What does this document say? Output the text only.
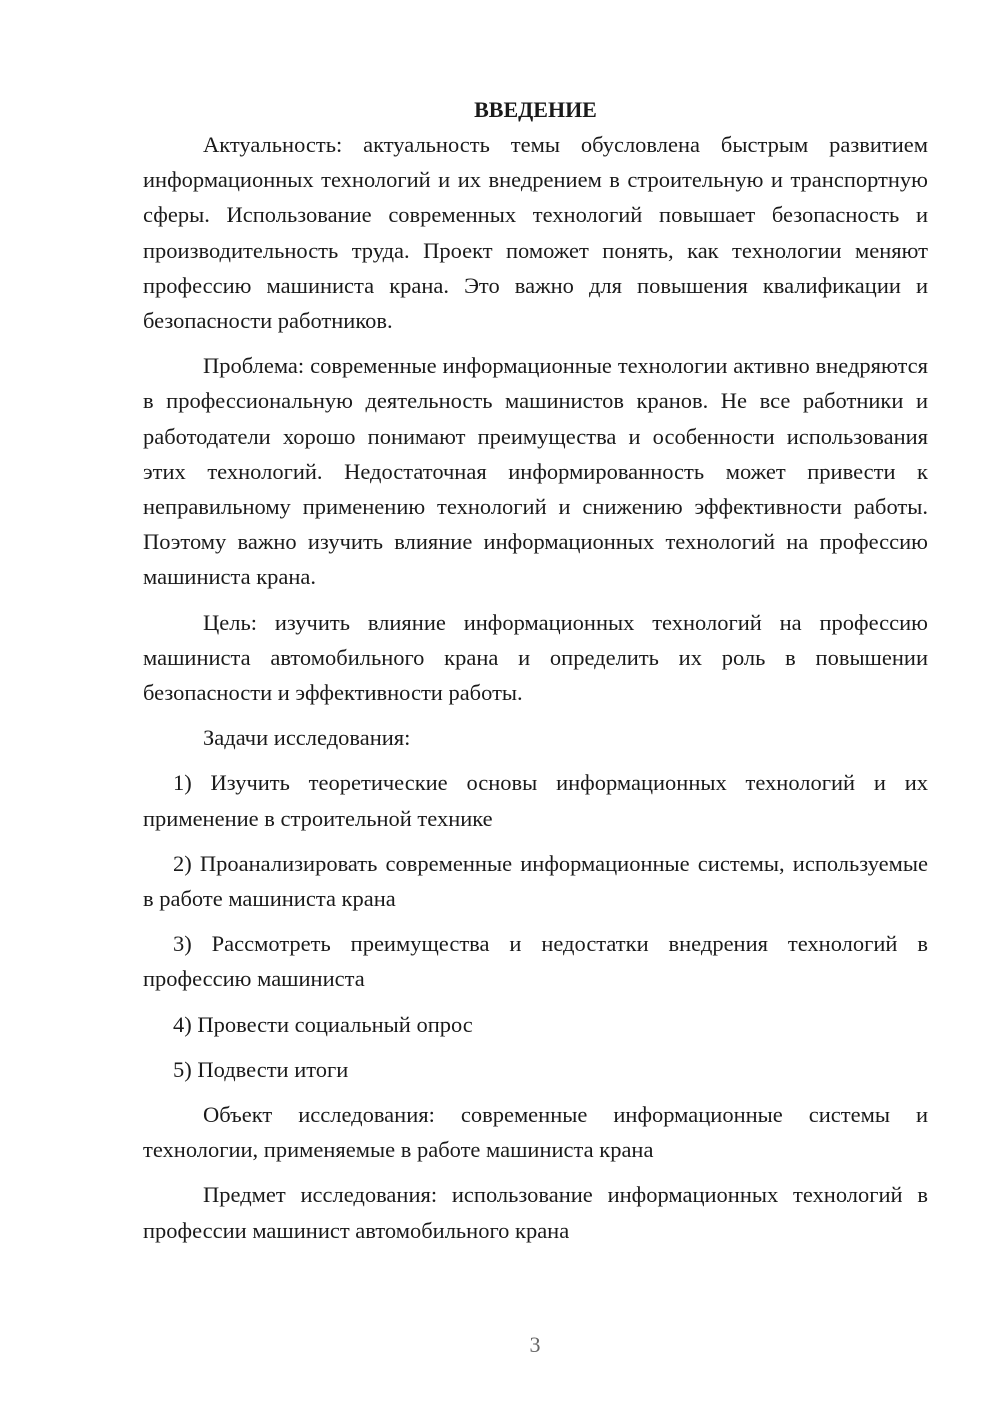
ВВЕДЕНИЕ

Актуальность: актуальность темы обусловлена быстрым развитием информационных технологий и их внедрением в строительную и транспортную сферы. Использование современных технологий повышает безопасность и производительность труда. Проект поможет понять, как технологии меняют профессию машиниста крана. Это важно для повышения квалификации и безопасности работников.

Проблема: современные информационные технологии активно внедряются в профессиональную деятельность машинистов кранов. Не все работники и работодатели хорошо понимают преимущества и особенности использования этих технологий. Недостаточная информированность может привести к неправильному применению технологий и снижению эффективности работы. Поэтому важно изучить влияние информационных технологий на профессию машиниста крана.

Цель: изучить влияние информационных технологий на профессию машиниста автомобильного крана и определить их роль в повышении безопасности и эффективности работы.

Задачи исследования:

1) Изучить теоретические основы информационных технологий и их применение в строительной технике

2) Проанализировать современные информационные системы, используемые в работе машиниста крана

3) Рассмотреть преимущества и недостатки внедрения технологий в профессию машиниста

4) Провести социальный опрос

5) Подвести итоги

Объект исследования: современные информационные системы и технологии, применяемые в работе машиниста крана

Предмет исследования: использование информационных технологий в профессии машинист автомобильного крана

3
